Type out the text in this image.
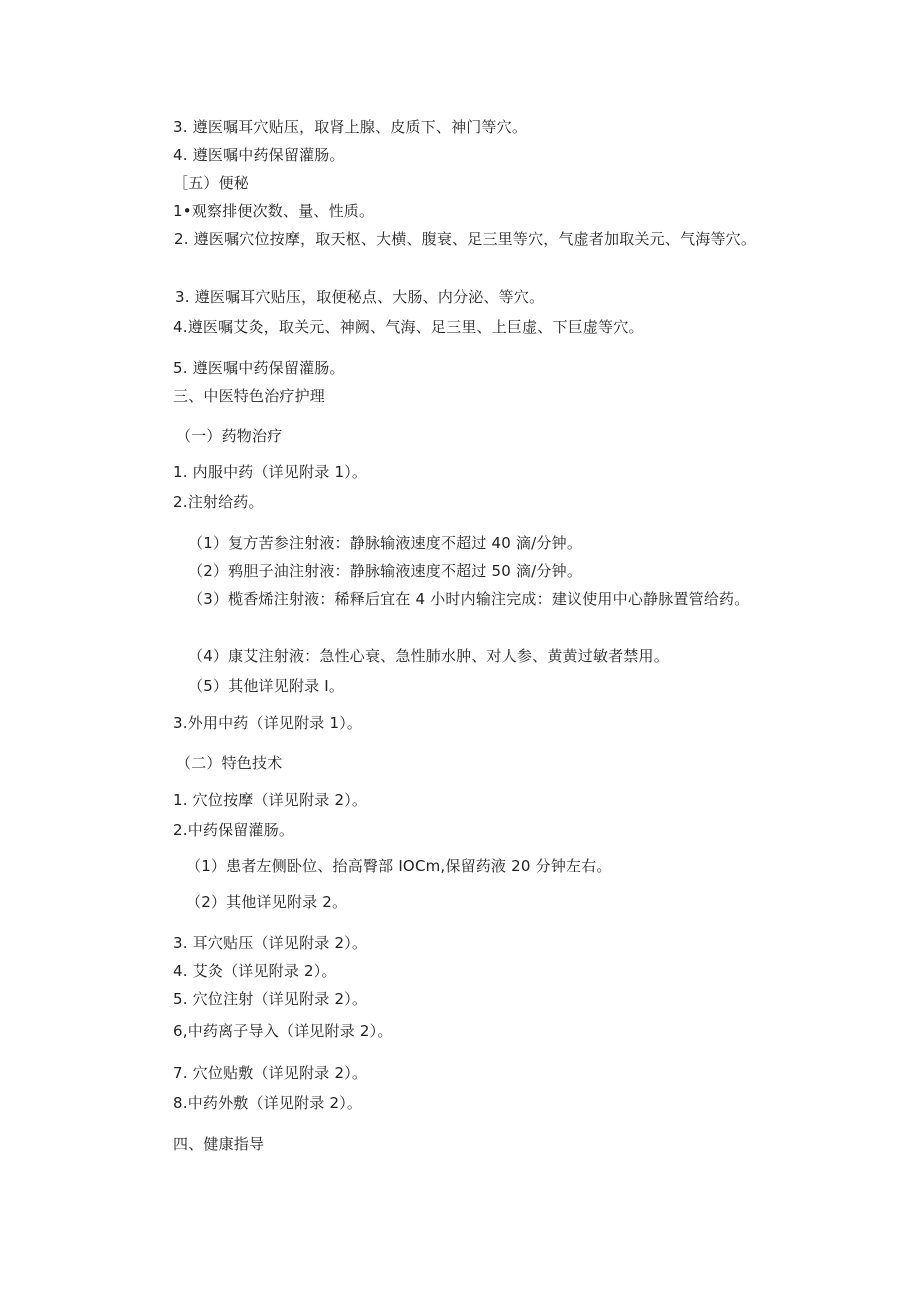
3. 遵医嘱耳穴贴压，取肾上腺、皮质下、神门等穴。
4. 遵医嘱中药保留灌肠。
［五）便秘
1•观察排便次数、量、性质。
2. 遵医嘱穴位按摩，取天枢、大横、腹衰、足三里等穴，气虚者加取关元、气海等穴。
3. 遵医嘱耳穴贴压，取便秘点、大肠、内分泌、等穴。
4.遵医嘱艾灸，取关元、神阙、气海、足三里、上巨虚、下巨虚等穴。
5. 遵医嘱中药保留灌肠。
三、中医特色治疗护理
（一）药物治疗
1. 内服中药（详见附录 1）。
2.注射给药。
（1）复方苦参注射液：静脉输液速度不超过 40 滴/分钟。
（2）鸦胆子油注射液：静脉输液速度不超过 50 滴/分钟。
（3）榄香烯注射液：稀释后宜在 4 小时内输注完成：建议使用中心静脉置管给药。
（4）康艾注射液：急性心衰、急性肺水肿、对人参、黄黄过敏者禁用。
（5）其他详见附录 I。
3.外用中药（详见附录 1）。
（二）特色技术
1. 穴位按摩（详见附录 2）。
2.中药保留灌肠。
（1）患者左侧卧位、抬高臀部 IOCm,保留药液 20 分钟左右。
（2）其他详见附录 2。
3. 耳穴贴压（详见附录 2）。
4. 艾灸（详见附录 2）。
5. 穴位注射（详见附录 2）。
6,中药离子导入（详见附录 2）。
7. 穴位贴敷（详见附录 2）。
8.中药外敷（详见附录 2）。
四、健康指导
